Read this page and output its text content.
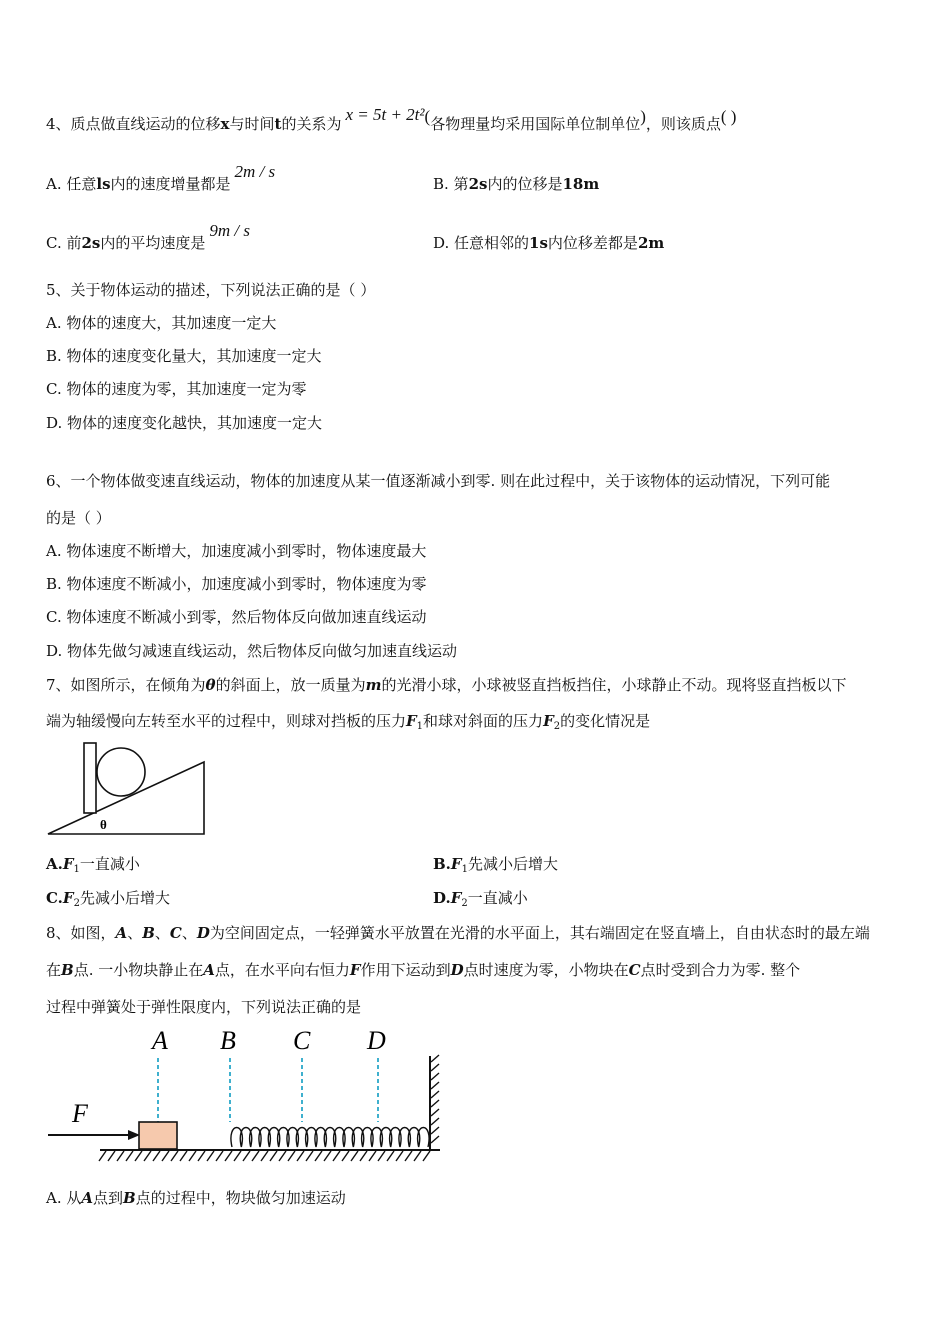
4、质点做直线运动的位移x与时间t的关系为 x = 5t + 2t²(各物理量均采用国际单位制单位)，则该质点( )
A. 任意ls内的速度增量都是2m / s
B. 第2s内的位移是18m
C. 前2s内的平均速度是9m / s
D. 任意相邻的1s内位移差都是2m
5、关于物体运动的描述，下列说法正确的是（ ）
A. 物体的速度大，其加速度一定大
B. 物体的速度变化量大，其加速度一定大
C. 物体的速度为零，其加速度一定为零
D. 物体的速度变化越快，其加速度一定大
6、一个物体做变速直线运动，物体的加速度从某一值逐渐减小到零. 则在此过程中，关于该物体的运动情况，下列可能
的是（ ）
A. 物体速度不断增大，加速度减小到零时，物体速度最大
B. 物体速度不断减小，加速度减小到零时，物体速度为零
C. 物体速度不断减小到零，然后物体反向做加速直线运动
D. 物体先做匀减速直线运动，然后物体反向做匀加速直线运动
7、如图所示，在倾角为θ的斜面上，放一质量为m的光滑小球，小球被竖直挡板挡住，小球静止不动。现将竖直挡板以下
端为轴缓慢向左转至水平的过程中，则球对挡板的压力$F_1$和球对斜面的压力$F_2$的变化情况是
θ
$A.F_1$一直减小	$B.F_1$先减小后增大
$C.F_2$先减小后增大	$D.F_2$一直减小
8、如图，A、B、C、D为空间固定点，一轻弹簧水平放置在光滑的水平面上，其右端固定在竖直墙上，自由状态时的最左端
在B点. 一小物块静止在A点，在水平向右恒力F作用下运动到D点时速度为零，小物块在C点时受到合力为零. 整个
过程中弹簧处于弹性限度内，下列说法正确的是
A B C D
F
A. 从A点到B点的过程中，物块做匀加速运动
